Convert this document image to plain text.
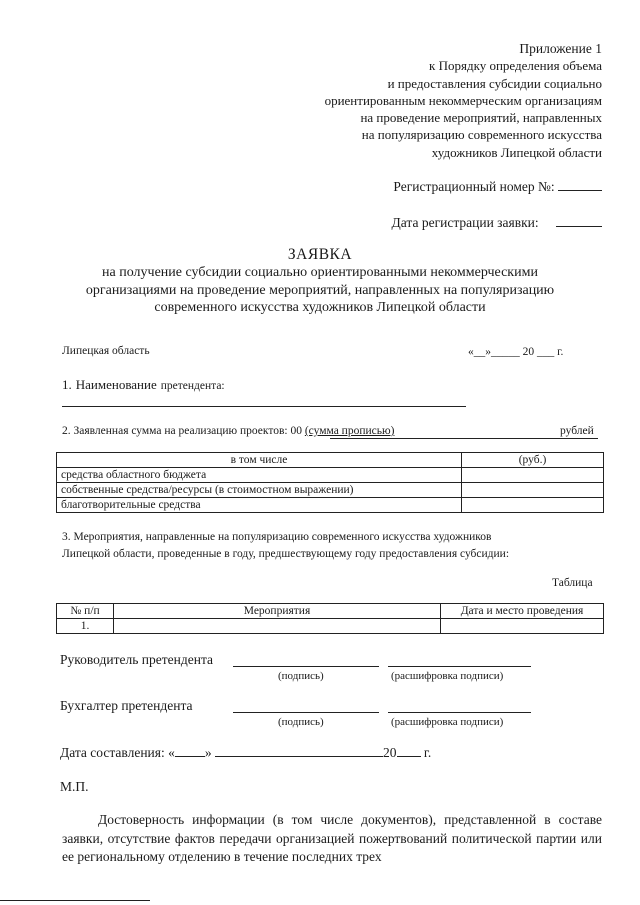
Приложение 1
к Порядку определения объема
и предоставления субсидии социально
ориентированным некоммерческим организациям
на проведение мероприятий, направленных
на популяризацию современного искусства
художников Липецкой области
Регистрационный номер №:
Дата регистрации заявки:
ЗАЯВКА
на получение субсидии социально ориентированными некоммерческими
организациями на проведение мероприятий, направленных на популяризацию
современного искусства художников Липецкой области
Липецкая область	«__»_____ 20 ___ г.
1. Наименование претендента:
2. Заявленная сумма на реализацию проектов: 00 (сумма прописью)	рублей
в том числе	(руб.)
средства областного бюджета	
собственные средства/ресурсы (в стоимостном выражении)	
благотворительные средства	
3. Мероприятия, направленные на популяризацию современного искусства художников
Липецкой области, проведенные в году, предшествующему году предоставления субсидии:
Таблица
№ п/п	Мероприятия	Дата и место проведения
1.		
Руководитель претендента
(подпись)	(расшифровка подписи)
Бухгалтер претендента
(подпись)	(расшифровка подписи)
Дата составления: « »	20 г.
М.П.
Достоверность информации (в том числе документов), представленной в составе заявки, отсутствие фактов передачи организацией пожертвований политической партии или ее региональному отделению в течение последних трех
